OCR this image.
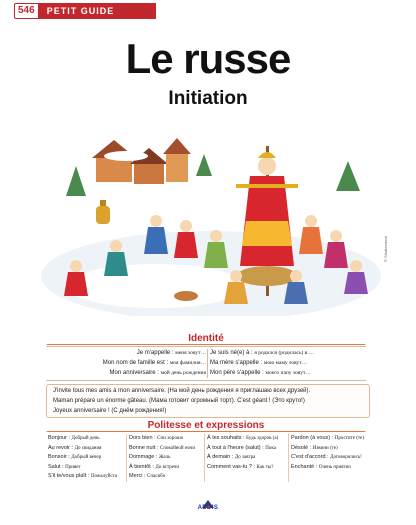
546	PETIT GUIDE
Le russe
Initiation
© Shutterstock
Identité
Je m'appelle : меня зовут… Je suis né(e) à : я родился (родилась) в …
Mon nom de famille est : моя фамилия… Ma mère s'appelle : мою маму зовут…
Mon anniversaire : мой день рождения Mon père s'appelle : моего папу зовут…
J'invite tous mes amis à mon anniversaire. (На мой день рождения я приглашаю всех друзей).
Maman prépare un énorme gâteau. (Мама готовит огромный торт). C'est géant ! (Это круто!)
Joyeux anniversaire ! (С днём рождения!)
Politesse et expressions
Bonjour : Добрый день
Au revoir : До свидания
Bonsoir : Добрый вечер
Salut : Привет
S'il te/vous plaît : Пожалуйста
Dors bien : Спи хорошо
Bonne nuit : Спокойной ночи
Dommage : Жаль
À bientôt : До встречи
Merci : Спасибо
À tes souhaits : Будь здоров (а)
À tout à l'heure (salut) : Пока
À demain : До завтра
Comment vas-tu ? : Как ты?
Pardon (à vous) : Простите (те)
Désolé : Извини (те)
C'est d'accord : Договорились!
Enchanté : Очень приятно
AEDIS
